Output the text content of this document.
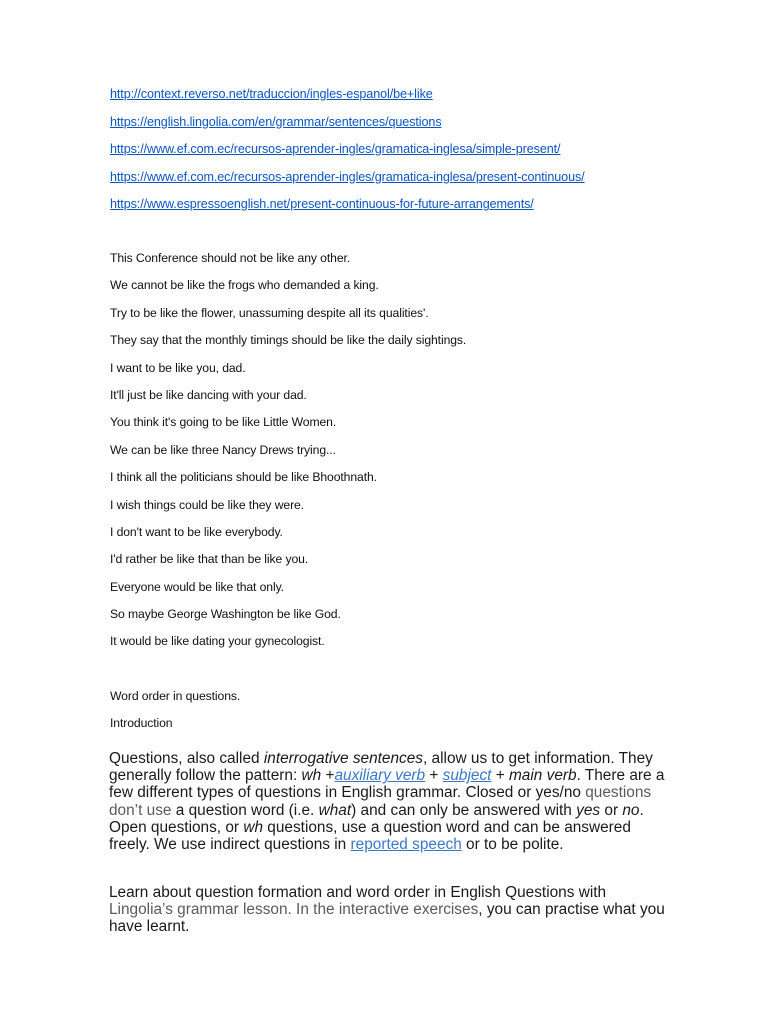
http://context.reverso.net/traduccion/ingles-espanol/be+like
https://english.lingolia.com/en/grammar/sentences/questions
https://www.ef.com.ec/recursos-aprender-ingles/gramatica-inglesa/simple-present/
https://www.ef.com.ec/recursos-aprender-ingles/gramatica-inglesa/present-continuous/
https://www.espressoenglish.net/present-continuous-for-future-arrangements/
This Conference should not be like any other.
We cannot be like the frogs who demanded a king.
Try to be like the flower, unassuming despite all its qualities'.
They say that the monthly timings should be like the daily sightings.
I want to be like you, dad.
It'll just be like dancing with your dad.
You think it's going to be like Little Women.
We can be like three Nancy Drews trying...
I think all the politicians should be like Bhoothnath.
I wish things could be like they were.
I don't want to be like everybody.
I'd rather be like that than be like you.
Everyone would be like that only.
So maybe George Washington be like God.
It would be like dating your gynecologist.
Word order in questions.
Introduction

Questions, also called interrogative sentences, allow us to get information. They generally follow the pattern: wh +auxiliary verb + subject + main verb. There are a few different types of questions in English grammar. Closed or yes/no questions don’t use a question word (i.e. what) and can only be answered with yes or no. Open questions, or wh questions, use a question word and can be answered freely. We use indirect questions in reported speech or to be polite.

Learn about question formation and word order in English Questions with Lingolia’s grammar lesson. In the interactive exercises, you can practise what you have learnt.
